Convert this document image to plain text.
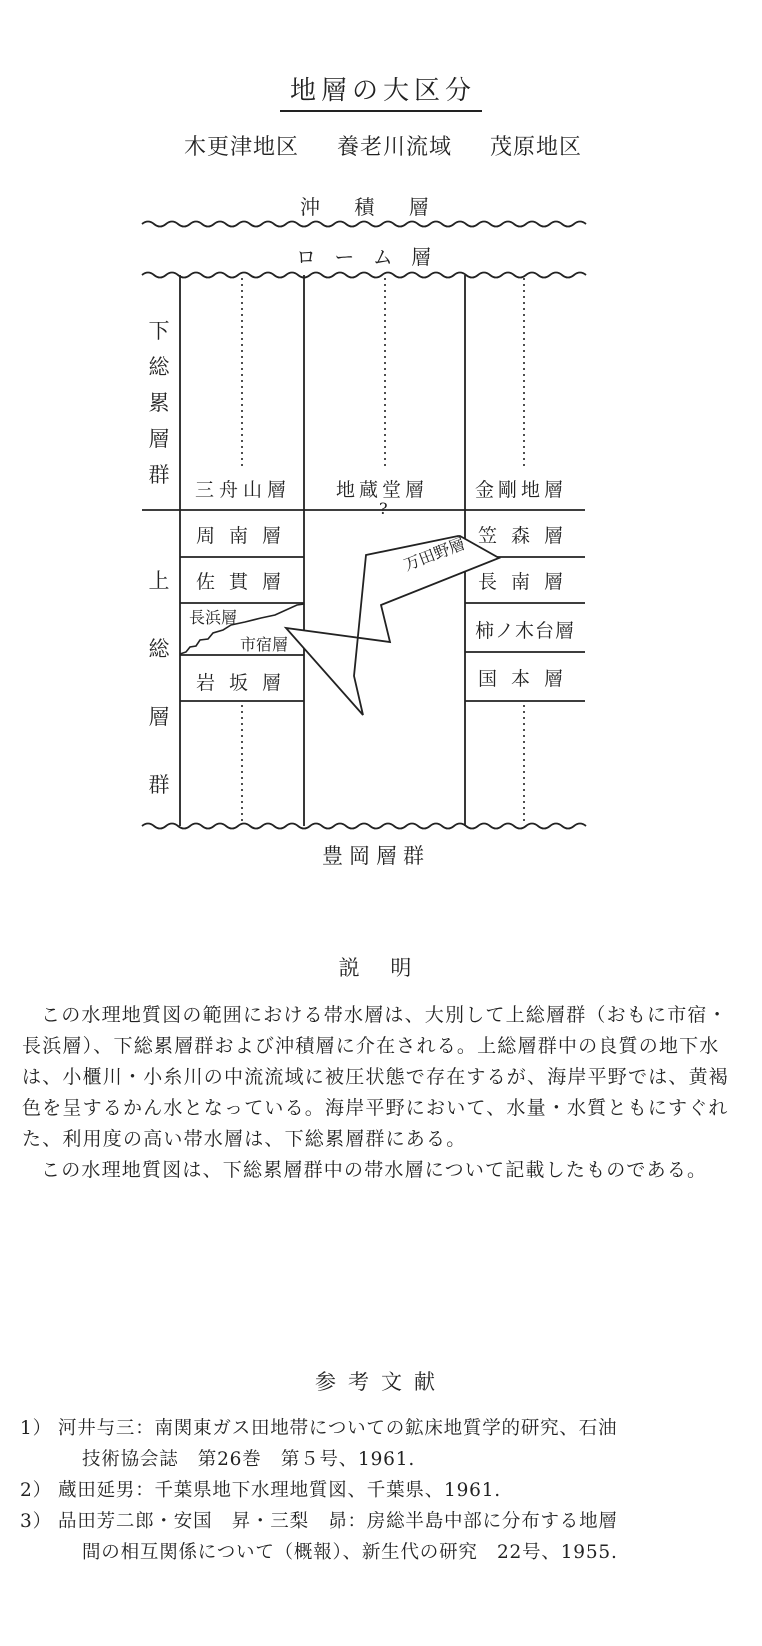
地層の大区分
木更津地区 養老川流域 茂原地区
沖 積 層
ロ ー ム 層
下総累層群
上総層群
三舟山層 地蔵堂層 金剛地層
?
周南層
佐貫層
長浜層
市宿層
岩坂層
万田野層 笠森層
長南層
柿ノ木台層
国本層
豊岡層群
説 明

この水理地質図の範囲における帯水層は、大別して上総層群（おもに市宿・長浜層）、下総累層群および沖積層に介在される。上総層群中の良質の地下水は、小櫃川・小糸川の中流流域に被圧状態で存在するが、海岸平野では、黄褐色を呈するかん水となっている。海岸平野において、水量・水質ともにすぐれた、利用度の高い帯水層は、下総累層群にある。

この水理地質図は、下総累層群中の帯水層について記載したものである。

参考文献
1） 河井与三：南関東ガス田地帯についての鉱床地質学的研究、石油
技術協会誌　第26巻　第５号、1961.
2） 蔵田延男：千葉県地下水理地質図、千葉県、1961.
3） 品田芳二郎・安国　昇・三梨　昴：房総半島中部に分布する地層
間の相互関係について（概報）、新生代の研究　22号、1955.
